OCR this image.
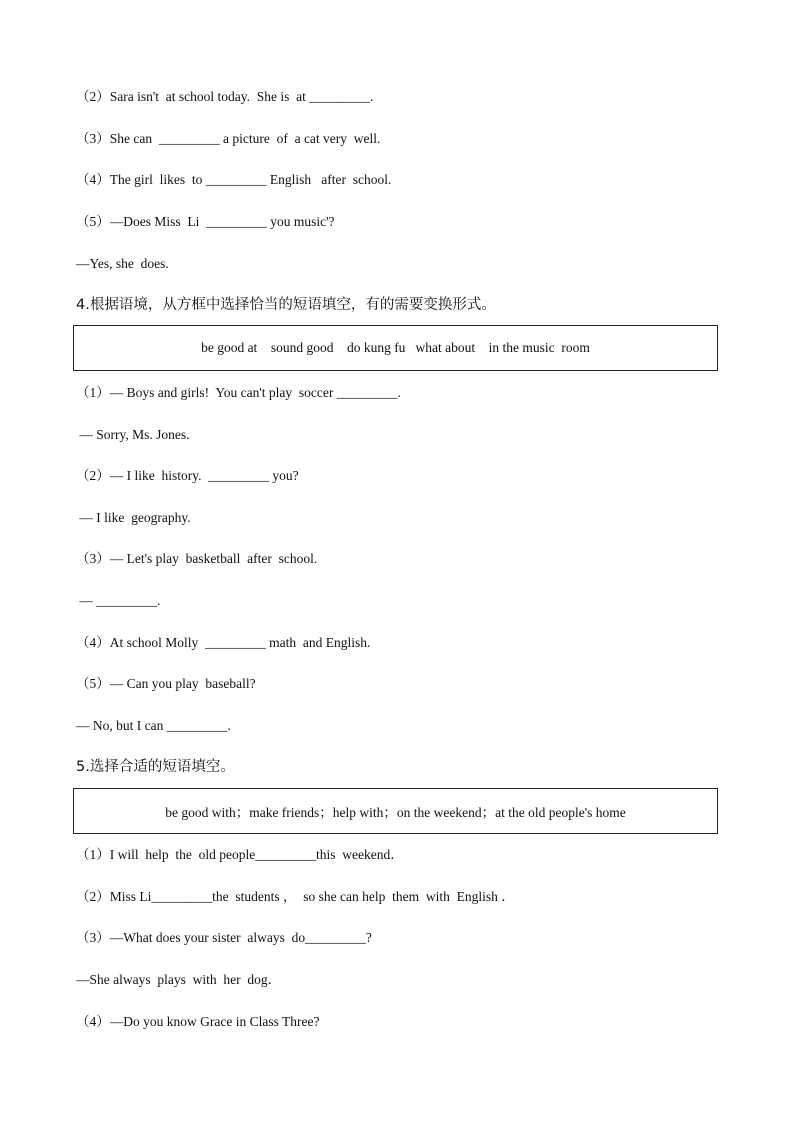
（2）Sara isn't  at school today.  She is  at _________.
（3）She can  _________ a picture  of  a cat very  well.
（4）The girl  likes  to _________ English   after  school.
（5）—Does Miss  Li  _________ you music'?
—Yes, she  does.
4.根据语境，从方框中选择恰当的短语填空，有的需要变换形式。
be good at    sound good    do kung fu   what about    in the music  room
（1）— Boys and girls!  You can't play  soccer _________.
— Sorry, Ms. Jones.
（2）— I like  history.  _________ you?
— I like  geography.
（3）— Let's play  basketball  after  school.
— _________.
（4）At school Molly  _________ math  and English.
（5）— Can you play  baseball?
— No, but I can _________.
5.选择合适的短语填空。
be good with；make friends；help with；on the weekend；at the old people's home
（1）I will  help  the  old people_________this  weekend．
（2）Miss Li_________the  students ，  so she can help  them  with  English ．
（3）—What does your sister  always  do_________?
—She always  plays  with  her  dog．
（4）—Do you know Grace in Class Three?
